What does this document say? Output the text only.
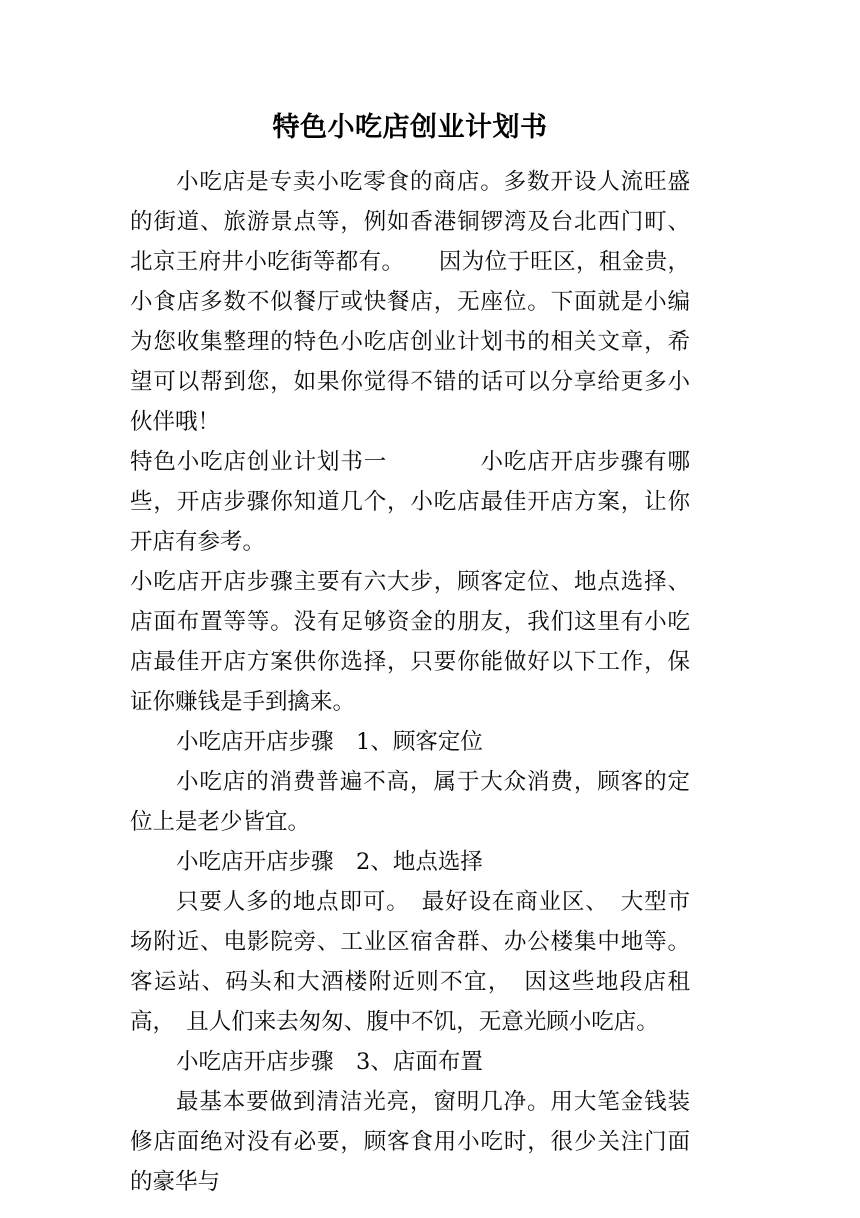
特色小吃店创业计划书

小吃店是专卖小吃零食的商店。多数开设人流旺盛的街道、旅游景点等，例如香港铜锣湾及台北西门町、北京王府井小吃街等都有。　　因为位于旺区，租金贵，小食店多数不似餐厅或快餐店，无座位。下面就是小编为您收集整理的特色小吃店创业计划书的相关文章，希望可以帮到您，如果你觉得不错的话可以分享给更多小伙伴哦！

特色小吃店创业计划书一　　　　小吃店开店步骤有哪些，开店步骤你知道几个，小吃店最佳开店方案，让你开店有参考。

小吃店开店步骤主要有六大步，顾客定位、地点选择、店面布置等等。没有足够资金的朋友，我们这里有小吃店最佳开店方案供你选择，只要你能做好以下工作，保证你赚钱是手到擒来。

小吃店开店步骤　1、顾客定位

小吃店的消费普遍不高，属于大众消费，顾客的定位上是老少皆宜。

小吃店开店步骤　2、地点选择

只要人多的地点即可。　最好设在商业区、　大型市场附近、电影院旁、工业区宿舍群、办公楼集中地等。客运站、码头和大酒楼附近则不宜，　因这些地段店租高，　且人们来去匆匆、腹中不饥，无意光顾小吃店。

小吃店开店步骤　3、店面布置

最基本要做到清洁光亮，窗明几净。用大笔金钱装修店面绝对没有必要，顾客食用小吃时，很少关注门面的豪华与
